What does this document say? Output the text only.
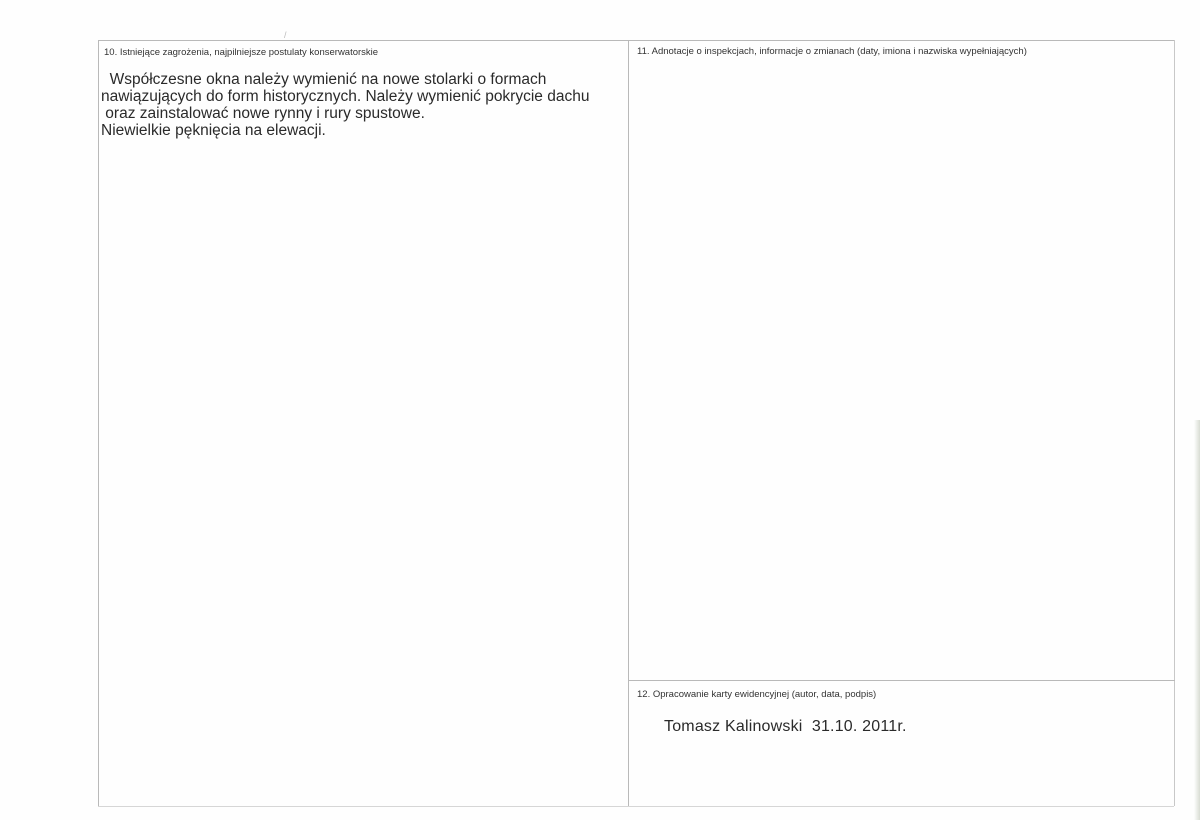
/
10. Istniejące zagrożenia, najpilniejsze postulaty konserwatorskie
Współczesne okna należy wymienić na nowe stolarki o formach
nawiązujących do form historycznych. Należy wymienić pokrycie dachu
oraz zainstalować nowe rynny i rury spustowe.
Niewielkie pęknięcia na elewacji.
11. Adnotacje o inspekcjach, informacje o zmianach (daty, imiona i nazwiska wypełniających)
12. Opracowanie karty ewidencyjnej (autor, data, podpis)
Tomasz Kalinowski  31.10. 2011r.
